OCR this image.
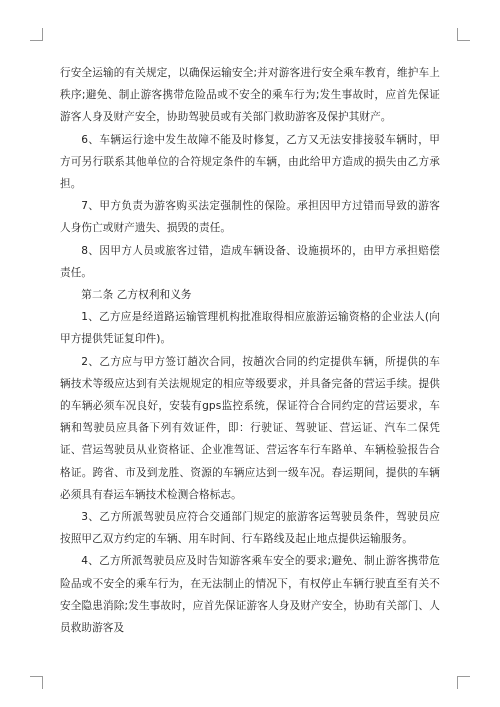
行安全运输的有关规定，以确保运输安全;并对游客进行安全乘车教育，维护车上秩序;避免、制止游客携带危险品或不安全的乘车行为;发生事故时，应首先保证游客人身及财产安全，协助驾驶员或有关部门救助游客及保护其财产。

6、车辆运行途中发生故障不能及时修复，乙方又无法安排接驳车辆时，甲方可另行联系其他单位的合符规定条件的车辆，由此给甲方造成的损失由乙方承担。

7、甲方负责为游客购买法定强制性的保险。承担因甲方过错而导致的游客人身伤亡或财产遗失、损毁的责任。

8、因甲方人员或旅客过错，造成车辆设备、设施损坏的，由甲方承担赔偿责任。

第二条 乙方权利和义务

1、乙方应是经道路运输管理机构批准取得相应旅游运输资格的企业法人(向甲方提供凭证复印件)。

2、乙方应与甲方签订趟次合同，按趟次合同的约定提供车辆，所提供的车辆技术等级应达到有关法规规定的相应等级要求，并具备完备的营运手续。提供的车辆必须车况良好，安装有gps监控系统，保证符合合同约定的营运要求，车辆和驾驶员应具备下列有效证件，即：行驶证、驾驶证、营运证、汽车二保凭证、营运驾驶员从业资格证、企业准驾证、营运客车行车路单、车辆检验报告合格证。跨省、市及到龙胜、资源的车辆应达到一级车况。春运期间，提供的车辆必须具有春运车辆技术检测合格标志。

3、乙方所派驾驶员应符合交通部门规定的旅游客运驾驶员条件，驾驶员应按照甲乙双方约定的车辆、用车时间、行车路线及起止地点提供运输服务。

4、乙方所派驾驶员应及时告知游客乘车安全的要求;避免、制止游客携带危险品或不安全的乘车行为，在无法制止的情况下，有权停止车辆行驶直至有关不安全隐患消除;发生事故时，应首先保证游客人身及财产安全，协助有关部门、人员救助游客及
